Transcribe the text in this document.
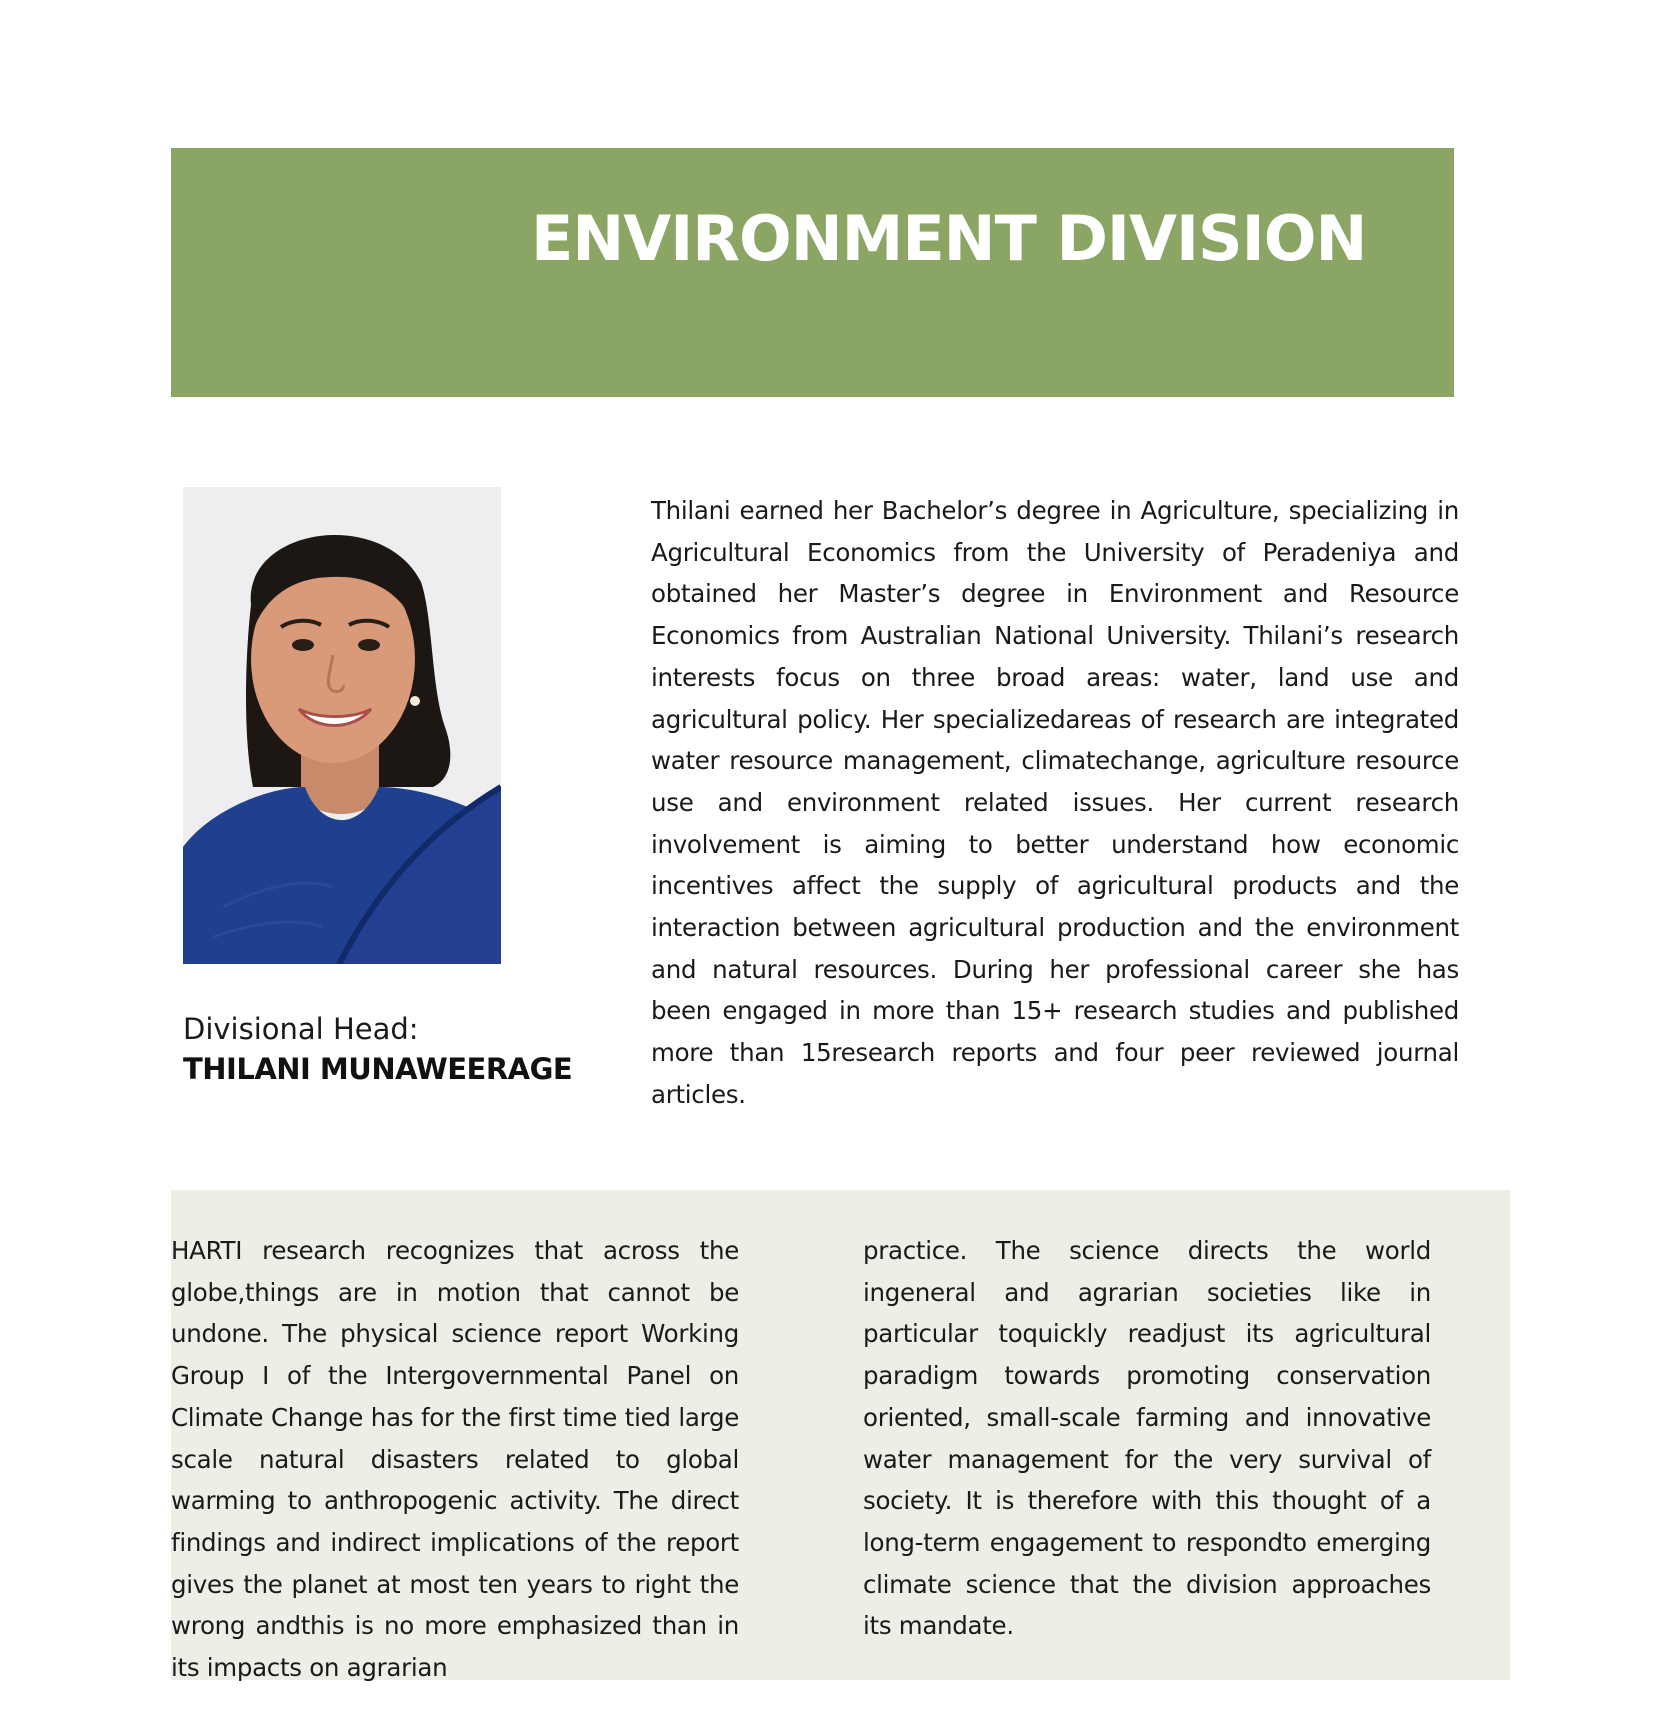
ENVIRONMENT DIVISION
Divisional Head:
THILANI MUNAWEERAGE

Thilani earned her Bachelor’s degree in Agriculture, specializing in Agricultural Economics from the University of Peradeniya and obtained her Master’s degree in Environment and Resource Economics from Australian National University. Thilani’s research interests focus on three broad areas: water, land use and agricultural policy. Her specializedareas of research are integrated water resource management, climatechange, agriculture resource use and environment related issues. Her current research involvement is aiming to better understand how economic incentives affect the supply of agricultural products and the interaction between agricultural production and the environment and natural resources. During her professional career she has been engaged in more than 15+ research studies and published more than 15research reports and four peer reviewed journal articles.

HARTI research recognizes that across the globe,things are in motion that cannot be undone. The physical science report Working Group I of the Intergovernmental Panel on Climate Change has for the first time tied large scale natural disasters related to global warming to anthropogenic activity. The direct findings and indirect implications of the report gives the planet at most ten years to right the wrong andthis is no more emphasized than in its impacts on agrarian

practice. The science directs the world ingeneral and agrarian societies like in particular toquickly readjust its agricultural paradigm towards promoting conservation oriented, small-scale farming and innovative water management for the very survival of society. It is therefore with this thought of a long-term engagement to respondto emerging climate science that the division approaches its mandate.
